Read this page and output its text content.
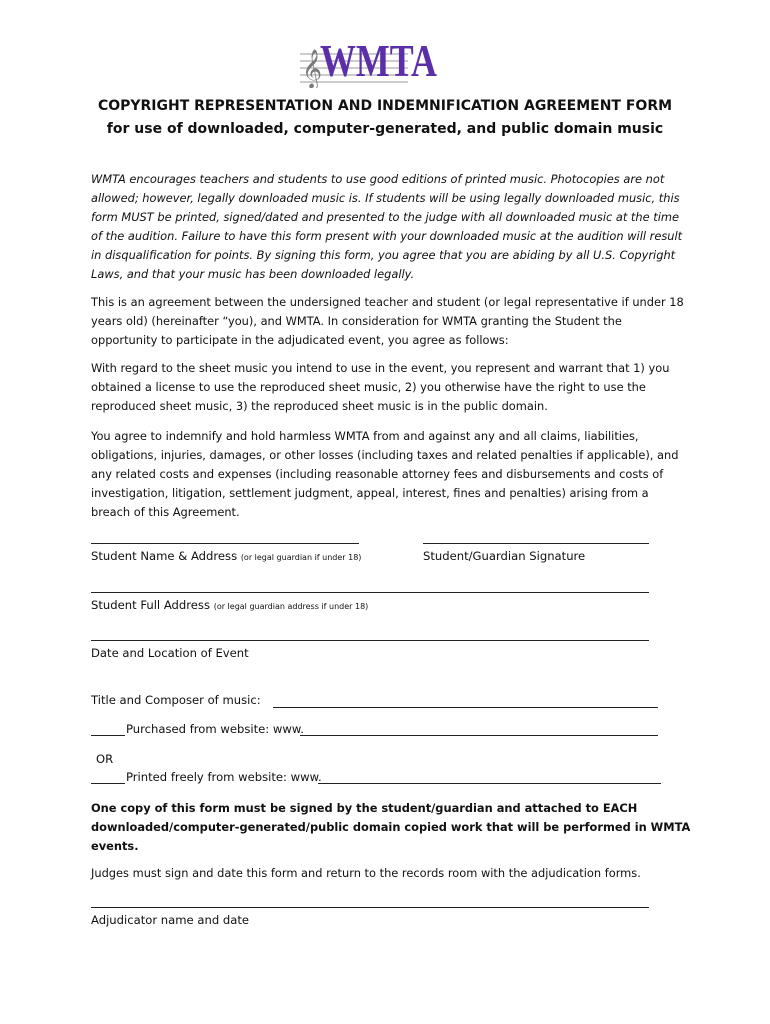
𝄞
WMTA
COPYRIGHT REPRESENTATION AND INDEMNIFICATION AGREEMENT FORM
for use of downloaded, computer-generated, and public domain music
WMTA encourages teachers and students to use good editions of printed music. Photocopies are not allowed; however, legally downloaded music is. If students will be using legally downloaded music, this form MUST be printed, signed/dated and presented to the judge with all downloaded music at the time of the audition. Failure to have this form present with your downloaded music at the audition will result in disqualification for points. By signing this form, you agree that you are abiding by all U.S. Copyright Laws, and that your music has been downloaded legally.
This is an agreement between the undersigned teacher and student (or legal representative if under 18 years old) (hereinafter “you), and WMTA. In consideration for WMTA granting the Student the opportunity to participate in the adjudicated event, you agree as follows:
With regard to the sheet music you intend to use in the event, you represent and warrant that 1) you obtained a license to use the reproduced sheet music, 2) you otherwise have the right to use the reproduced sheet music, 3) the reproduced sheet music is in the public domain.
You agree to indemnify and hold harmless WMTA from and against any and all claims, liabilities, obligations, injuries, damages, or other losses (including taxes and related penalties if applicable), and any related costs and expenses (including reasonable attorney fees and disbursements and costs of investigation, litigation, settlement judgment, appeal, interest, fines and penalties) arising from a breach of this Agreement.
Student Name & Address (or legal guardian if under 18)	Student/Guardian Signature
Student Full Address (or legal guardian address if under 18)
Date and Location of Event
Title and Composer of music:
Purchased from website: www.
OR
Printed freely from website: www.
One copy of this form must be signed by the student/guardian and attached to EACH downloaded/computer-generated/public domain copied work that will be performed in WMTA events.
Judges must sign and date this form and return to the records room with the adjudication forms.
Adjudicator name and date
